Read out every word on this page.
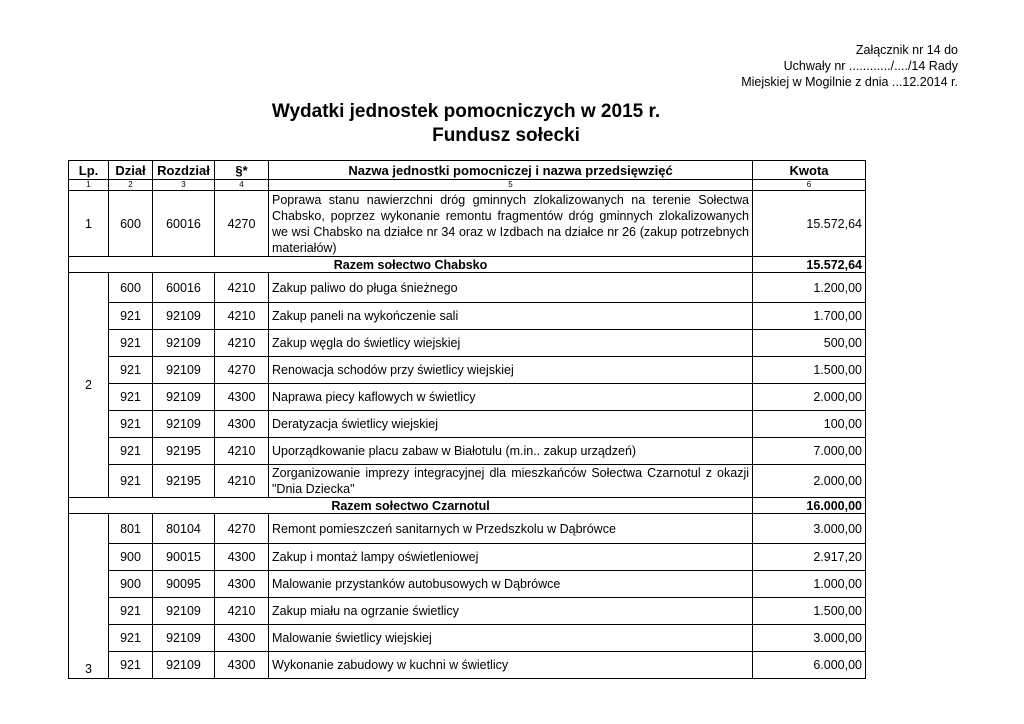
Załącznik nr 14 do
Uchwały nr ............/..../14 Rady
Miejskiej w Mogilnie z dnia ...12.2014 r.
Wydatki jednostek pomocniczych w 2015 r.
Fundusz sołecki
Lp.	Dział	Rozdział	§*	Nazwa jednostki pomocniczej i nazwa przedsięwzięć	Kwota
1	2	3	4	5	6
1	600	60016	4270	Poprawa stanu nawierzchni dróg gminnych zlokalizowanych na terenie Sołectwa Chabsko, poprzez wykonanie remontu fragmentów dróg gminnych zlokalizowanych we wsi Chabsko na działce nr 34 oraz w Izdbach na działce nr 26 (zakup potrzebnych materiałów)	15.572,64
Razem sołectwo Chabsko					15.572,64
2	600	60016	4210	Zakup paliwo do pługa śnieżnego	1.200,00
	921	92109	4210	Zakup paneli na wykończenie sali	1.700,00
	921	92109	4210	Zakup węgla do świetlicy wiejskiej	500,00
	921	92109	4270	Renowacja schodów przy świetlicy wiejskiej	1.500,00
	921	92109	4300	Naprawa piecy kaflowych w świetlicy	2.000,00
	921	92109	4300	Deratyzacja świetlicy wiejskiej	100,00
	921	92195	4210	Uporządkowanie placu zabaw w Białotulu (m.in.. zakup urządzeń)	7.000,00
	921	92195	4210	Zorganizowanie imprezy integracyjnej dla mieszkańców Sołectwa Czarnotul z okazji "Dnia Dziecka"	2.000,00
Razem sołectwo Czarnotul					16.000,00
3	801	80104	4270	Remont pomieszczeń sanitarnych w Przedszkolu w Dąbrówce	3.000,00
	900	90015	4300	Zakup i montaż lampy oświetleniowej	2.917,20
	900	90095	4300	Malowanie przystanków autobusowych w Dąbrówce	1.000,00
	921	92109	4210	Zakup miału na ogrzanie świetlicy	1.500,00
	921	92109	4300	Malowanie świetlicy wiejskiej	3.000,00
	921	92109	4300	Wykonanie zabudowy w kuchni w świetlicy	6.000,00
